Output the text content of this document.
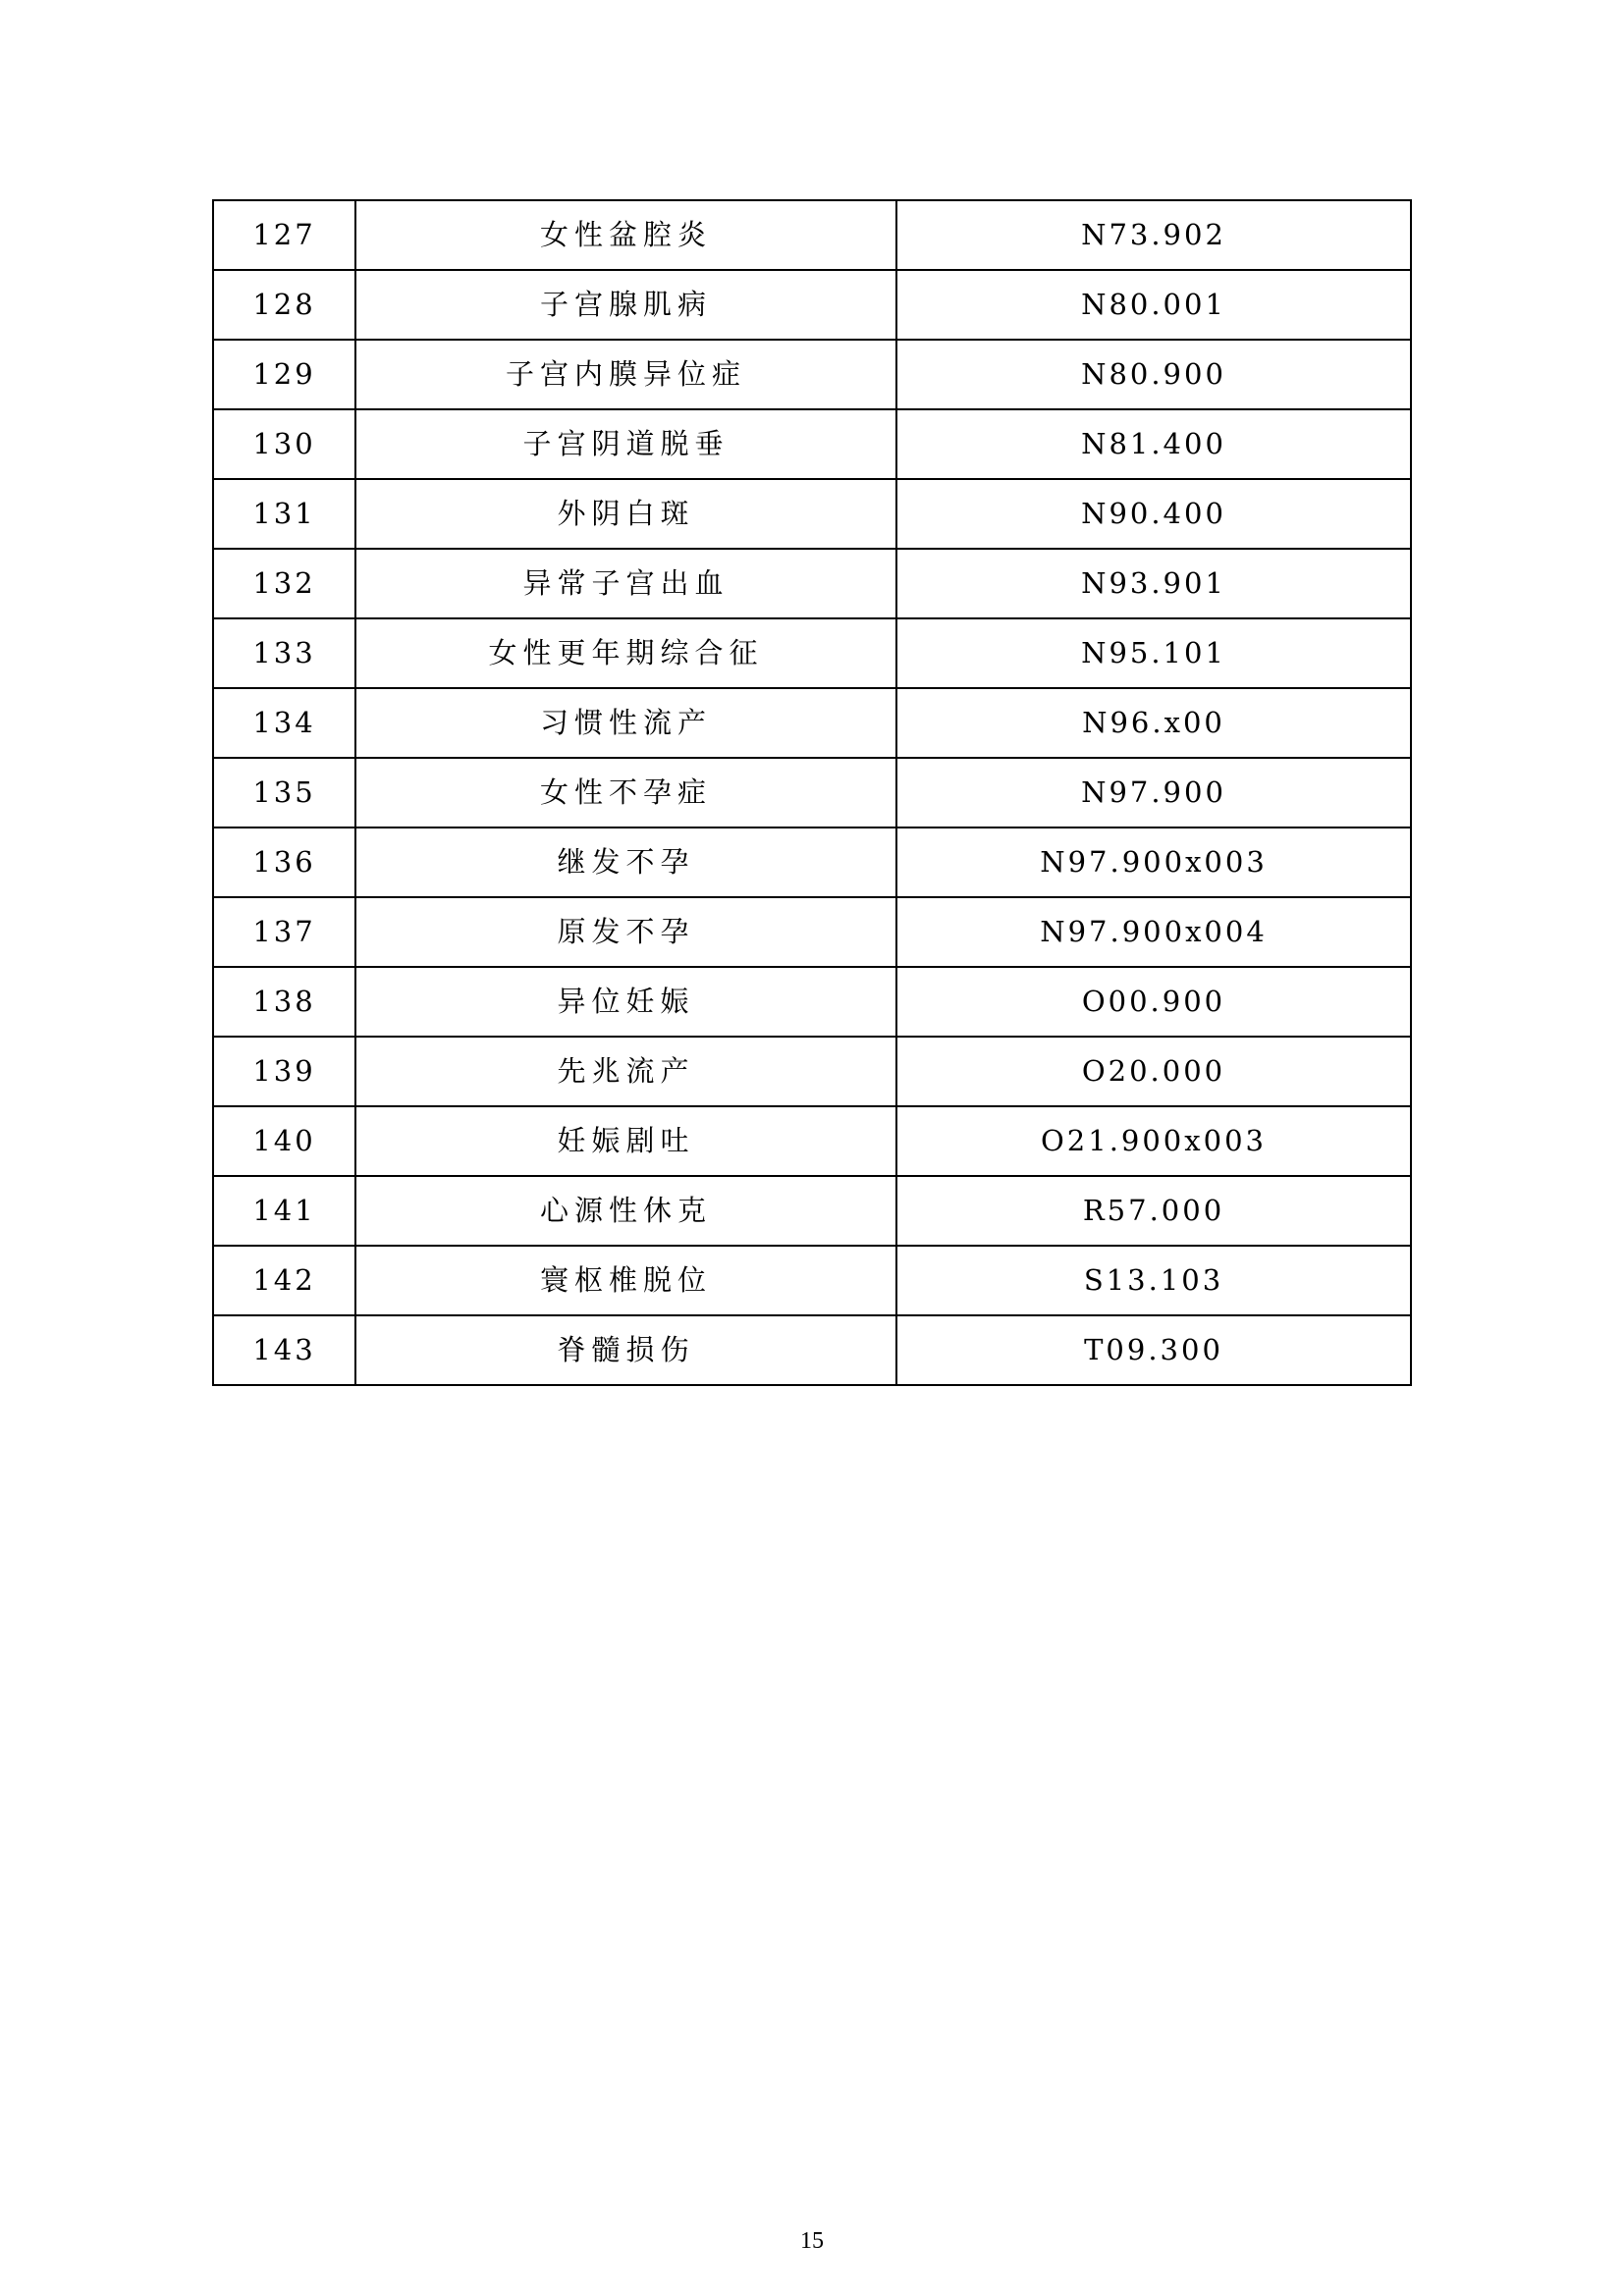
127	女性盆腔炎	N73.902
128	子宫腺肌病	N80.001
129	子宫内膜异位症	N80.900
130	子宫阴道脱垂	N81.400
131	外阴白斑	N90.400
132	异常子宫出血	N93.901
133	女性更年期综合征	N95.101
134	习惯性流产	N96.x00
135	女性不孕症	N97.900
136	继发不孕	N97.900x003
137	原发不孕	N97.900x004
138	异位妊娠	O00.900
139	先兆流产	O20.000
140	妊娠剧吐	O21.900x003
141	心源性休克	R57.000
142	寰枢椎脱位	S13.103
143	脊髓损伤	T09.300
15
